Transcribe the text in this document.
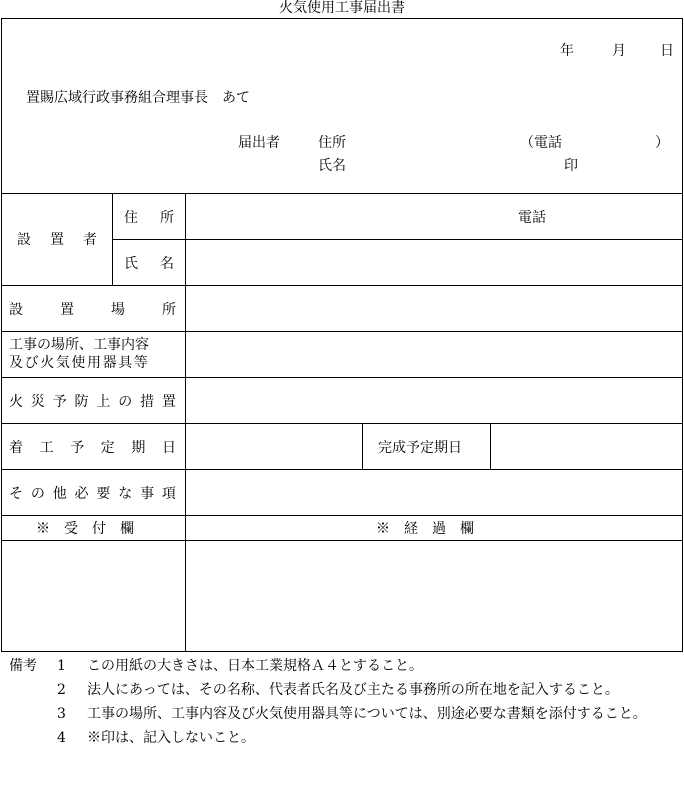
火気使用工事届出書
年	月 日
置賜広域行政事務組合理事長　あて
届出者	住所	（電話	）
氏名	印
設 置 者
住 所	電話
氏 名
設	置	場	所
工事の場所、工事内容
及び火気使用器具等
火 災 予 防 上 の 措 置
着 工 予 定 期 日	完成予定期日
そ の 他 必 要 な 事 項
※　受　付　欄	※　経　過　欄
備考	1	この用紙の大きさは、日本工業規格Ａ４とすること。
2	法人にあっては、その名称、代表者氏名及び主たる事務所の所在地を記入すること。
3	工事の場所、工事内容及び火気使用器具等については、別途必要な書類を添付すること。
4	※印は、記入しないこと。
